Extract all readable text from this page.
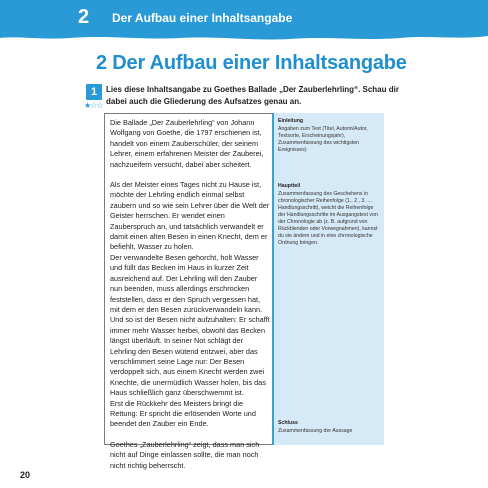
2 Der Aufbau einer Inhaltsangabe
2 Der Aufbau einer Inhaltsangabe
1
★☆☆
Lies diese Inhaltsangabe zu Goethes Ballade „Der Zauberlehrling“. Schau dir dabei auch die Gliederung des Aufsatzes genau an.

Die Ballade „Der Zauberlehrling“ von Johann Wolfgang von Goethe, die 1797 erschienen ist, handelt von einem Zauberschüler, der seinem Lehrer, einem erfahrenen Meister der Zauberei, nachzueifern versucht, dabei aber scheitert.

Als der Meister eines Tages nicht zu Hause ist, möchte der Lehrling endlich einmal selbst zaubern und so wie sein Lehrer über die Welt der Geister herrschen. Er wendet einen Zauberspruch an, und tatsächlich verwandelt er damit einen alten Besen in einen Knecht, dem er befiehlt, Wasser zu holen.

Der verwandelte Besen gehorcht, holt Wasser und füllt das Becken im Haus in kurzer Zeit ausreichend auf. Der Lehrling will den Zauber nun beenden, muss allerdings erschrocken feststellen, dass er den Spruch vergessen hat, mit dem er den Besen zurückverwandeln kann. Und so ist der Besen nicht aufzuhalten: Er schafft immer mehr Wasser herbei, obwohl das Becken längst überläuft. In seiner Not schlägt der Lehrling den Besen wütend entzwei, aber das verschlimmert seine Lage nur: Der Besen verdoppelt sich, aus einem Knecht werden zwei Knechte, die unermüdlich Wasser holen, bis das Haus schließlich ganz überschwemmt ist.

Erst die Rückkehr des Meisters bringt die Rettung: Er spricht die erlösenden Worte und beendet den Zauber ein Ende.

Goethes „Zauberlehrling“ zeigt, dass man sich nicht auf Dinge einlassen sollte, die man noch nicht richtig beherrscht.

Einleitung
Angaben zum Text (Titel, Autorin/Autor, Textsorte, Erscheinungsjahr), Zusammenfassung des wichtigsten Ereignisses)
Hauptteil
Zusammenfassung des Geschehens in chronologischer Reihenfolge (1., 2., 3. … Handlungsschritt), weicht die Reihenfolge der Handlungsschritte im Ausgangstext von der Chronologie ab (z. B. aufgrund von Rückblenden oder Vorwegnahmen), kannst du sie ändern und in eine chronologische Ordnung bringen.
Schluss
Zusammenfassung der Aussage
20
